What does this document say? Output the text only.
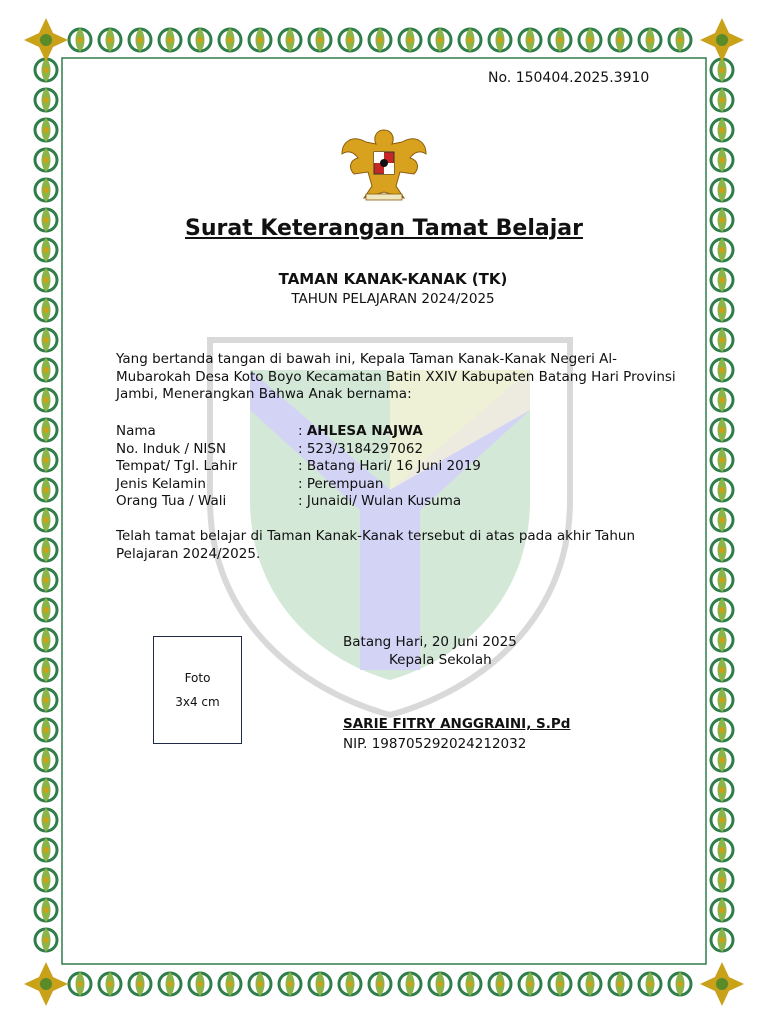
No. 150404.2025.3910
Surat Keterangan Tamat Belajar
TAMAN KANAK-KANAK (TK)
TAHUN PELAJARAN 2024/2025
Yang bertanda tangan di bawah ini, Kepala Taman Kanak-Kanak Negeri Al-Mubarokah Desa Koto Boyo Kecamatan Batin XXIV Kabupaten Batang Hari Provinsi Jambi, Menerangkan Bahwa Anak bernama:
Nama	: AHLESA NAJWA
No. Induk / NISN	: 523/3184297062
Tempat/ Tgl. Lahir	: Batang Hari/ 16 Juni 2019
Jenis Kelamin	: Perempuan
Orang Tua / Wali	: Junaidi/ Wulan Kusuma
Telah tamat belajar di Taman Kanak-Kanak tersebut di atas pada akhir Tahun Pelajaran 2024/2025.
Foto
3x4 cm
Batang Hari, 20 Juni 2025
Kepala Sekolah
SARIE FITRY ANGGRAINI, S.Pd
NIP. 198705292024212032
